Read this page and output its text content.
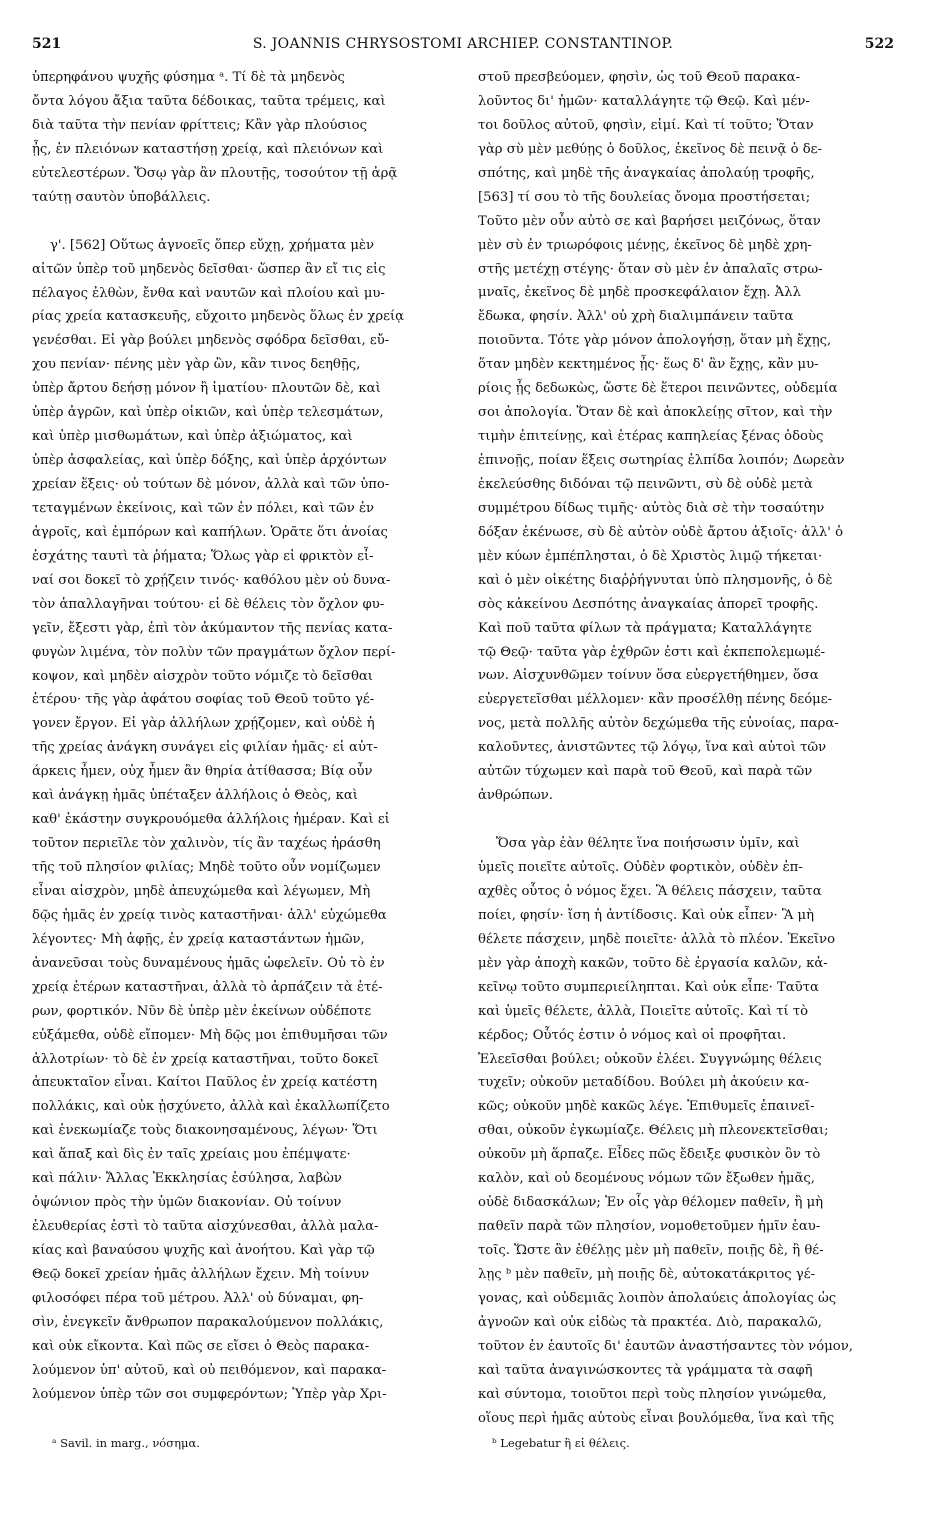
521	S. JOANNIS CHRYSOSTOMI ARCHIEP. CONSTANTINOP.	522
ὑπερηφάνου ψυχῆς φύσημα ᵃ. Τί δὲ τὰ μηδενὸς
ὄντα λόγου ἄξια ταῦτα δέδοικας, ταῦτα τρέμεις, καὶ
διὰ ταῦτα τὴν πενίαν φρίττεις; Κἂν γὰρ πλούσιος
ᾖς, ἐν πλειόνων καταστήσῃ χρείᾳ, καὶ πλειόνων καὶ
εὐτελεστέρων. Ὅσῳ γὰρ ἂν πλουτῇς, τοσούτον τῇ ἀρᾷ
ταύτῃ σαυτὸν ὑποβάλλεις.
γ'. [562] Οὕτως ἀγνοεῖς ὅπερ εὔχῃ, χρήματα μὲν
αἰτῶν ὑπὲρ τοῦ μηδενὸς δεῖσθαι· ὥσπερ ἂν εἴ τις εἰς
πέλαγος ἐλθὼν, ἔνθα καὶ ναυτῶν καὶ πλοίου καὶ μυ-
ρίας χρεία κατασκευῆς, εὔχοιτο μηδενὸς ὅλως ἐν χρείᾳ
γενέσθαι. Εἰ γὰρ βούλει μηδενὸς σφόδρα δεῖσθαι, εὔ-
χου πενίαν· πένης μὲν γὰρ ὢν, κἂν τινος δεηθῇς,
ὑπὲρ ἄρτου δεήσῃ μόνον ἢ ἱματίου· πλουτῶν δὲ, καὶ
ὑπὲρ ἀγρῶν, καὶ ὑπὲρ οἰκιῶν, καὶ ὑπὲρ τελεσμάτων,
καὶ ὑπὲρ μισθωμάτων, καὶ ὑπὲρ ἀξιώματος, καὶ
ὑπὲρ ἀσφαλείας, καὶ ὑπὲρ δόξης, καὶ ὑπὲρ ἀρχόντων
χρείαν ἕξεις· οὐ τούτων δὲ μόνον, ἀλλὰ καὶ τῶν ὑπο-
τεταγμένων ἐκείνοις, καὶ τῶν ἐν πόλει, καὶ τῶν ἐν
ἀγροῖς, καὶ ἐμπόρων καὶ καπήλων. Ὁρᾶτε ὅτι ἀνοίας
ἐσχάτης ταυτὶ τὰ ῥήματα; Ὅλως γὰρ εἰ φρικτὸν εἶ-
ναί σοι δοκεῖ τὸ χρῄζειν τινός· καθόλου μὲν οὐ δυνα-
τὸν ἀπαλλαγῆναι τούτου· εἰ δὲ θέλεις τὸν ὄχλον φυ-
γεῖν, ἔξεστι γὰρ, ἐπὶ τὸν ἀκύμαντον τῆς πενίας κατα-
φυγὼν λιμένα, τὸν πολὺν τῶν πραγμάτων ὄχλον περί-
κοψον, καὶ μηδὲν αἰσχρὸν τοῦτο νόμιζε τὸ δεῖσθαι
ἑτέρου· τῆς γὰρ ἀφάτου σοφίας τοῦ Θεοῦ τοῦτο γέ-
γονεν ἔργον. Εἰ γὰρ ἀλλήλων χρῄζομεν, καὶ οὐδὲ ἡ
τῆς χρείας ἀνάγκη συνάγει εἰς φιλίαν ἡμᾶς· εἰ αὐτ-
άρκεις ἦμεν, οὐχ ἦμεν ἂν θηρία ἀτίθασσα; Βίᾳ οὖν
καὶ ἀνάγκῃ ἡμᾶς ὑπέταξεν ἀλλήλοις ὁ Θεὸς, καὶ
καθ' ἑκάστην συγκρουόμεθα ἀλλήλοις ἡμέραν. Καὶ εἰ
τοῦτον περιεῖλε τὸν χαλινὸν, τίς ἂν ταχέως ἠράσθη
τῆς τοῦ πλησίον φιλίας; Μηδὲ τοῦτο οὖν νομίζωμεν
εἶναι αἰσχρὸν, μηδὲ ἀπευχώμεθα καὶ λέγωμεν, Μὴ
δῷς ἡμᾶς ἐν χρείᾳ τινὸς καταστῆναι· ἀλλ' εὐχώμεθα
λέγοντες· Μὴ ἀφῇς, ἐν χρείᾳ καταστάντων ἡμῶν,
ἀνανεῦσαι τοὺς δυναμένους ἡμᾶς ὠφελεῖν. Οὐ τὸ ἐν
χρείᾳ ἑτέρων καταστῆναι, ἀλλὰ τὸ ἁρπάζειν τὰ ἑτέ-
ρων, φορτικόν. Νῦν δὲ ὑπὲρ μὲν ἐκείνων οὐδέποτε
εὐξάμεθα, οὐδὲ εἴπομεν· Μὴ δῷς μοι ἐπιθυμῆσαι τῶν
ἀλλοτρίων· τὸ δὲ ἐν χρείᾳ καταστῆναι, τοῦτο δοκεῖ
ἀπευκταῖον εἶναι. Καίτοι Παῦλος ἐν χρείᾳ κατέστη
πολλάκις, καὶ οὐκ ᾐσχύνετο, ἀλλὰ καὶ ἐκαλλωπίζετο
καὶ ἐνεκωμίαζε τοὺς διακονησαμένους, λέγων· Ὅτι
καὶ ἅπαξ καὶ δὶς ἐν ταῖς χρείαις μου ἐπέμψατε·
καὶ πάλιν· Ἄλλας Ἐκκλησίας ἐσύλησα, λαβὼν
ὀψώνιον πρὸς τὴν ὑμῶν διακονίαν. Οὐ τοίνυν
ἐλευθερίας ἐστὶ τὸ ταῦτα αἰσχύνεσθαι, ἀλλὰ μαλα-
κίας καὶ βαναύσου ψυχῆς καὶ ἀνοήτου. Καὶ γὰρ τῷ
Θεῷ δοκεῖ χρείαν ἡμᾶς ἀλλήλων ἔχειν. Μὴ τοίνυν
φιλοσόφει πέρα τοῦ μέτρου. Ἀλλ' οὐ δύναμαι, φη-
σὶν, ἐνεγκεῖν ἄνθρωπον παρακαλούμενον πολλάκις,
καὶ οὐκ εἴκοντα. Καὶ πῶς σε εἴσει ὁ Θεὸς παρακα-
λούμενον ὑπ' αὐτοῦ, καὶ οὐ πειθόμενον, καὶ παρακα-
λούμενον ὑπὲρ τῶν σοι συμφερόντων; Ὑπὲρ γὰρ Χρι-
στοῦ πρεσβεύομεν, φησὶν, ὡς τοῦ Θεοῦ παρακα-
λοῦντος δι' ἡμῶν· καταλλάγητε τῷ Θεῷ. Καὶ μέν-
τοι δοῦλος αὐτοῦ, φησὶν, εἰμί. Καὶ τί τοῦτο; Ὅταν
γὰρ σὺ μὲν μεθύῃς ὁ δοῦλος, ἐκεῖνος δὲ πεινᾷ ὁ δε-
σπότης, καὶ μηδὲ τῆς ἀναγκαίας ἀπολαύῃ τροφῆς,
[563] τί σου τὸ τῆς δουλείας ὄνομα προστήσεται;
Τοῦτο μὲν οὖν αὐτὸ σε καὶ βαρήσει μειζόνως, ὅταν
μὲν σὺ ἐν τριωρόφοις μένῃς, ἐκεῖνος δὲ μηδὲ χρη-
στῆς μετέχῃ στέγης· ὅταν σὺ μὲν ἐν ἁπαλαῖς στρω-
μναῖς, ἐκεῖνος δὲ μηδὲ προσκεφάλαιον ἔχῃ. Ἀλλ
ἔδωκα, φησίν. Ἀλλ' οὐ χρὴ διαλιμπάνειν ταῦτα
ποιοῦντα. Τότε γὰρ μόνον ἀπολογήσῃ, ὅταν μὴ ἔχῃς,
ὅταν μηδὲν κεκτημένος ᾖς· ἕως δ' ἂν ἔχῃς, κἂν μυ-
ρίοις ᾖς δεδωκὼς, ὥστε δὲ ἕτεροι πεινῶντες, οὐδεμία
σοι ἀπολογία. Ὅταν δὲ καὶ ἀποκλείῃς σῖτον, καὶ τὴν
τιμὴν ἐπιτείνῃς, καὶ ἑτέρας καπηλείας ξένας ὁδοὺς
ἐπινοῇς, ποίαν ἕξεις σωτηρίας ἐλπίδα λοιπόν; Δωρεὰν
ἐκελεύσθης διδόναι τῷ πεινῶντι, σὺ δὲ οὐδὲ μετὰ
συμμέτρου δίδως τιμῆς· αὐτὸς διὰ σὲ τὴν τοσαύτην
δόξαν ἐκένωσε, σὺ δὲ αὐτὸν οὐδὲ ἄρτου ἀξιοῖς· ἀλλ' ὁ
μὲν κύων ἐμπέπλησται, ὁ δὲ Χριστὸς λιμῷ τήκεται·
καὶ ὁ μὲν οἰκέτης διαῤῥήγνυται ὑπὸ πλησμονῆς, ὁ δὲ
σὸς κἀκείνου Δεσπότης ἀναγκαίας ἀπορεῖ τροφῆς.
Καὶ ποῦ ταῦτα φίλων τὰ πράγματα; Καταλλάγητε
τῷ Θεῷ· ταῦτα γὰρ ἐχθρῶν ἐστι καὶ ἐκπεπολεμωμέ-
νων. Αἰσχυνθῶμεν τοίνυν ὅσα εὐεργετήθημεν, ὅσα
εὐεργετεῖσθαι μέλλομεν· κἂν προσέλθῃ πένης δεόμε-
νος, μετὰ πολλῆς αὐτὸν δεχώμεθα τῆς εὐνοίας, παρα-
καλοῦντες, ἀνιστῶντες τῷ λόγῳ, ἵνα καὶ αὐτοὶ τῶν
αὐτῶν τύχωμεν καὶ παρὰ τοῦ Θεοῦ, καὶ παρὰ τῶν
ἀνθρώπων.
Ὅσα γὰρ ἐὰν θέλητε ἵνα ποιήσωσιν ὑμῖν, καὶ
ὑμεῖς ποιεῖτε αὐτοῖς. Οὐδὲν φορτικὸν, οὐδὲν ἐπ-
αχθὲς οὗτος ὁ νόμος ἔχει. Ἃ θέλεις πάσχειν, ταῦτα
ποίει, φησίν· ἴση ἡ ἀντίδοσις. Καὶ οὐκ εἶπεν· Ἃ μὴ
θέλετε πάσχειν, μηδὲ ποιεῖτε· ἀλλὰ τὸ πλέον. Ἐκεῖνο
μὲν γὰρ ἀποχὴ κακῶν, τοῦτο δὲ ἐργασία καλῶν, κἀ-
κεῖνῳ τοῦτο συμπεριείληπται. Καὶ οὐκ εἶπε· Ταῦτα
καὶ ὑμεῖς θέλετε, ἀλλὰ, Ποιεῖτε αὐτοῖς. Καὶ τί τὸ
κέρδος; Οὗτός ἐστιν ὁ νόμος καὶ οἱ προφῆται.
Ἐλεεῖσθαι βούλει; οὐκοῦν ἐλέει. Συγγνώμης θέλεις
τυχεῖν; οὐκοῦν μεταδίδου. Βούλει μὴ ἀκούειν κα-
κῶς; οὐκοῦν μηδὲ κακῶς λέγε. Ἐπιθυμεῖς ἐπαινεῖ-
σθαι, οὐκοῦν ἐγκωμίαζε. Θέλεις μὴ πλεονεκτεῖσθαι;
οὐκοῦν μὴ ἅρπαζε. Εἶδες πῶς ἔδειξε φυσικὸν ὂν τὸ
καλὸν, καὶ οὐ δεομένους νόμων τῶν ἔξωθεν ἡμᾶς,
οὐδὲ διδασκάλων; Ἐν οἷς γὰρ θέλομεν παθεῖν, ἢ μὴ
παθεῖν παρὰ τῶν πλησίον, νομοθετοῦμεν ἡμῖν ἑαυ-
τοῖς. Ὥστε ἂν ἐθέλῃς μὲν μὴ παθεῖν, ποιῇς δὲ, ἢ θέ-
λῃς ᵇ μὲν παθεῖν, μὴ ποιῇς δὲ, αὐτοκατάκριτος γέ-
γονας, καὶ οὐδεμιᾶς λοιπὸν ἀπολαύεις ἀπολογίας ὡς
ἀγνοῶν καὶ οὐκ εἰδὼς τὰ πρακτέα. Διὸ, παρακαλῶ,
τοῦτον ἐν ἑαυτοῖς δι' ἑαυτῶν ἀναστήσαντες τὸν νόμον,
καὶ ταῦτα ἀναγινώσκοντες τὰ γράμματα τὰ σαφῆ
καὶ σύντομα, τοιοῦτοι περὶ τοὺς πλησίον γινώμεθα,
οἵους περὶ ἡμᾶς αὐτοὺς εἶναι βουλόμεθα, ἵνα καὶ τῆς
ᵃ Savil. in marg., νόσημα.	ᵇ Legebatur ἢ εἰ θέλεις.
